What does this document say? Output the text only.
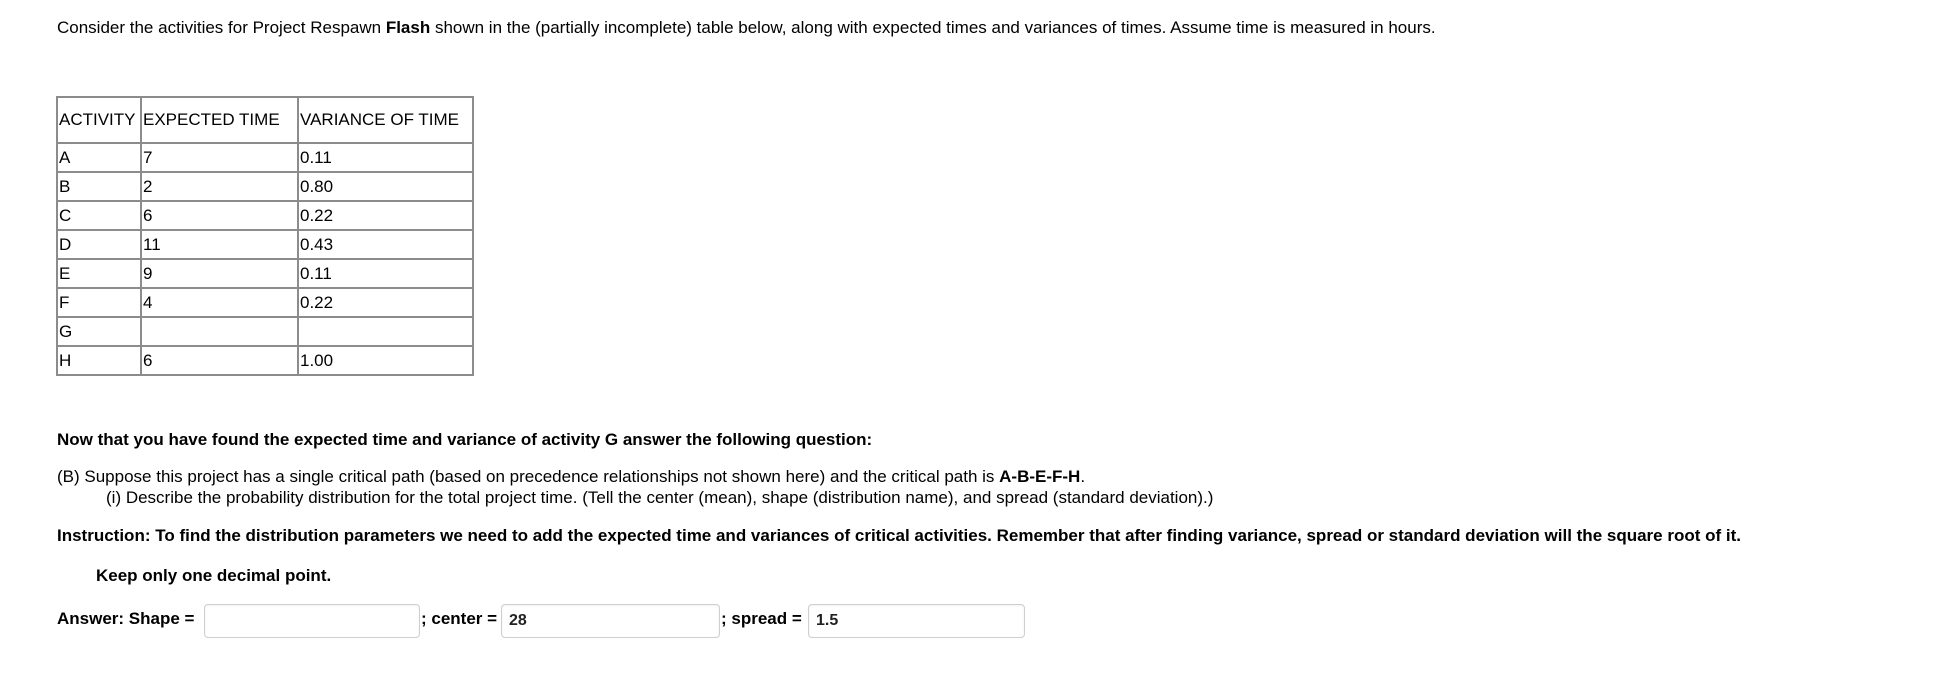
Consider the activities for Project Respawn Flash shown in the (partially incomplete) table below, along with expected times and variances of times. Assume time is measured in hours.
ACTIVITY	EXPECTED TIME	VARIANCE OF TIME
A	7	0.11
B	2	0.80
C	6	0.22
D	11	0.43
E	9	0.11
F	4	0.22
G		
H	6	1.00
Now that you have found the expected time and variance of activity G answer the following question:
(B) Suppose this project has a single critical path (based on precedence relationships not shown here) and the critical path is A-B-E-F-H.
(i) Describe the probability distribution for the total project time. (Tell the center (mean), shape (distribution name), and spread (standard deviation).)
Instruction: To find the distribution parameters we need to add the expected time and variances of critical activities. Remember that after finding variance, spread or standard deviation will the square root of it.
Keep only one decimal point.
Answer: Shape =	; center =
28	; spread =
1.5
